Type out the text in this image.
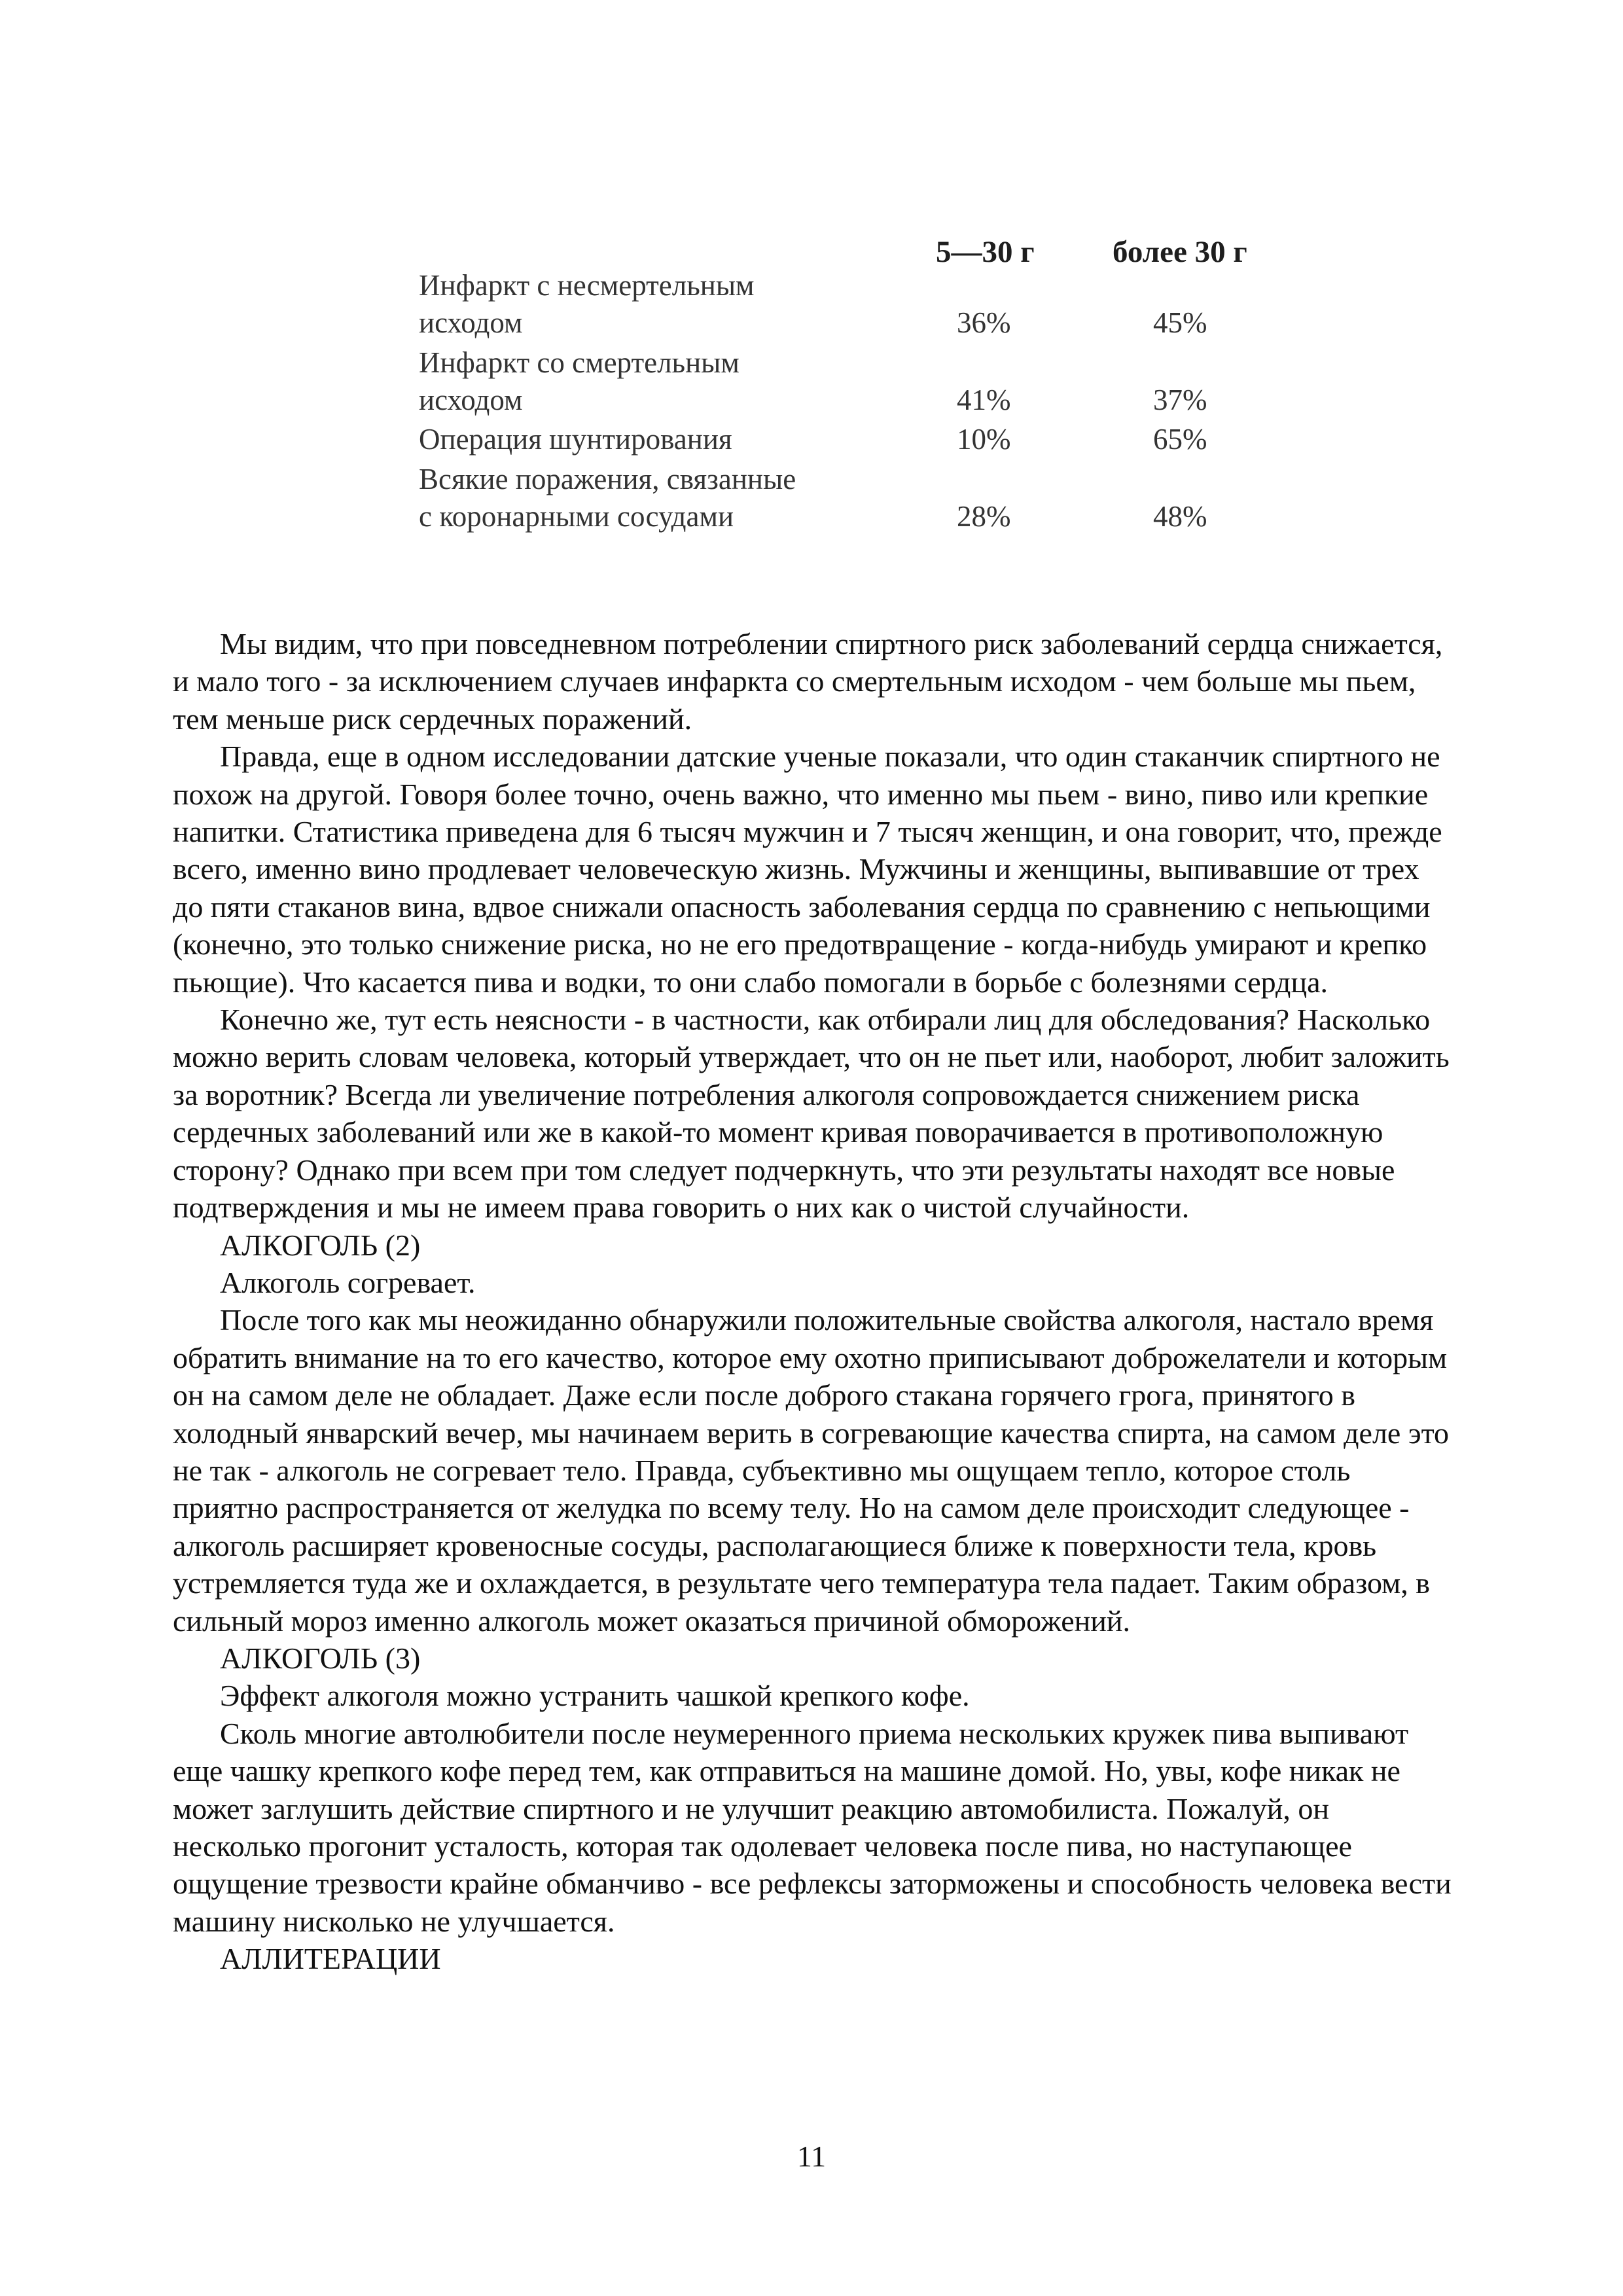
5—30 г	более 30 г
Инфаркт с несмертельным
исходом	36%	45%
Инфаркт со смертельным
исходом	41%	37%
Операция шунтирования	10%	65%
Всякие поражения, связанные
с коронарными сосудами	28%	48%

Мы видим, что при повседневном потреблении спиртного риск заболеваний сердца снижается, и мало того - за исключением случаев инфаркта со смертельным исходом - чем больше мы пьем, тем меньше риск сердечных поражений.

Правда, еще в одном исследовании датские ученые показали, что один стаканчик спиртного не похож на другой. Говоря более точно, очень важно, что именно мы пьем - вино, пиво или крепкие напитки. Статистика приведена для 6 тысяч мужчин и 7 тысяч женщин, и она говорит, что, прежде всего, именно вино продлевает человеческую жизнь. Мужчины и женщины, выпивавшие от трех до пяти стаканов вина, вдвое снижали опасность заболевания сердца по сравнению с непьющими (конечно, это только снижение риска, но не его предотвращение - когда-нибудь умирают и крепко пьющие). Что касается пива и водки, то они слабо помогали в борьбе с болезнями сердца.

Конечно же, тут есть неясности - в частности, как отбирали лиц для обследования? Насколько можно верить словам человека, который утверждает, что он не пьет или, наоборот, любит заложить за воротник? Всегда ли увеличение потребления алкоголя сопровождается снижением риска сердечных заболеваний или же в какой-то момент кривая поворачивается в противоположную сторону? Однако при всем при том следует подчеркнуть, что эти результаты находят все новые подтверждения и мы не имеем права говорить о них как о чистой случайности.

АЛКОГОЛЬ (2)

Алкоголь согревает.

После того как мы неожиданно обнаружили положительные свойства алкоголя, настало время обратить внимание на то его качество, которое ему охотно приписывают доброжелатели и которым он на самом деле не обладает. Даже если после доброго стакана горячего грога, принятого в холодный январский вечер, мы начинаем верить в согревающие качества спирта, на самом деле это не так - алкоголь не согревает тело. Правда, субъективно мы ощущаем тепло, которое столь приятно распространяется от желудка по всему телу. Но на самом деле происходит следующее - алкоголь расширяет кровеносные сосуды, располагающиеся ближе к поверхности тела, кровь устремляется туда же и охлаждается, в результате чего температура тела падает. Таким образом, в сильный мороз именно алкоголь может оказаться причиной обморожений.

АЛКОГОЛЬ (3)

Эффект алкоголя можно устранить чашкой крепкого кофе.

Сколь многие автолюбители после неумеренного приема нескольких кружек пива выпивают еще чашку крепкого кофе перед тем, как отправиться на машине домой. Но, увы, кофе никак не может заглушить действие спиртного и не улучшит реакцию автомобилиста. Пожалуй, он несколько прогонит усталость, которая так одолевает человека после пива, но наступающее ощущение трезвости крайне обманчиво - все рефлексы заторможены и способность человека вести машину нисколько не улучшается.

АЛЛИТЕРАЦИИ

11
